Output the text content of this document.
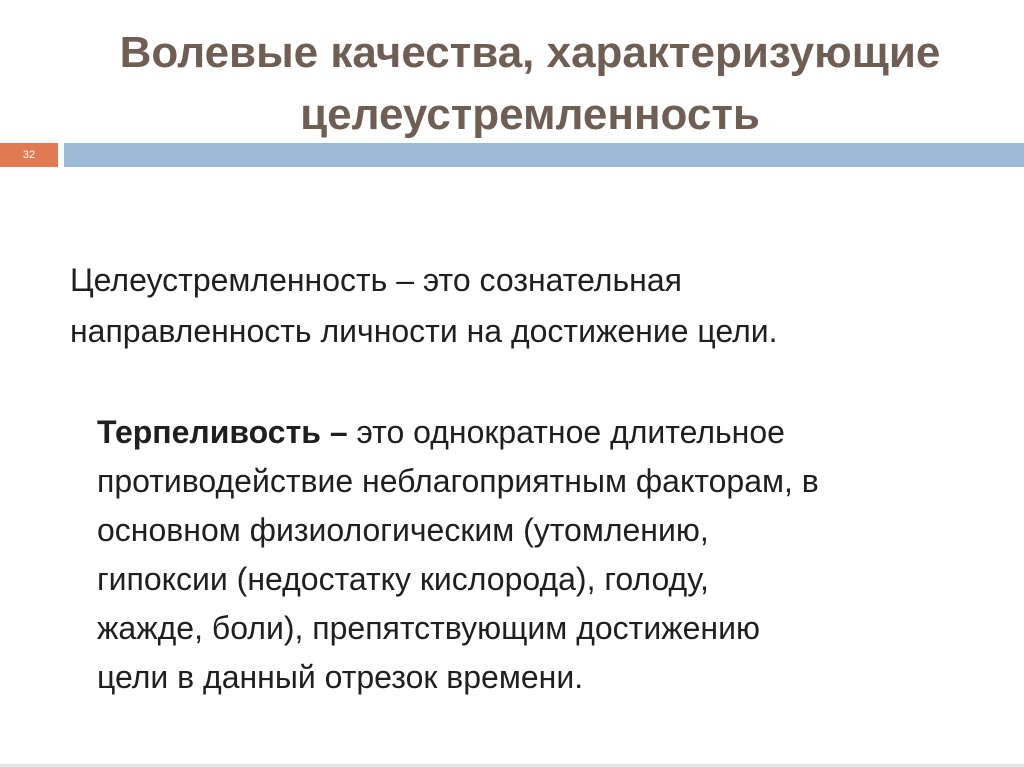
Волевые качества, характеризующие
целеустремленность
32
Целеустремленность – это сознательная
направленность личности на достижение цели.
Терпеливость – это однократное длительное
противодействие неблагоприятным факторам, в
основном физиологическим (утомлению,
гипоксии (недостатку кислорода), голоду,
жажде, боли), препятствующим достижению
цели в данный отрезок времени.
